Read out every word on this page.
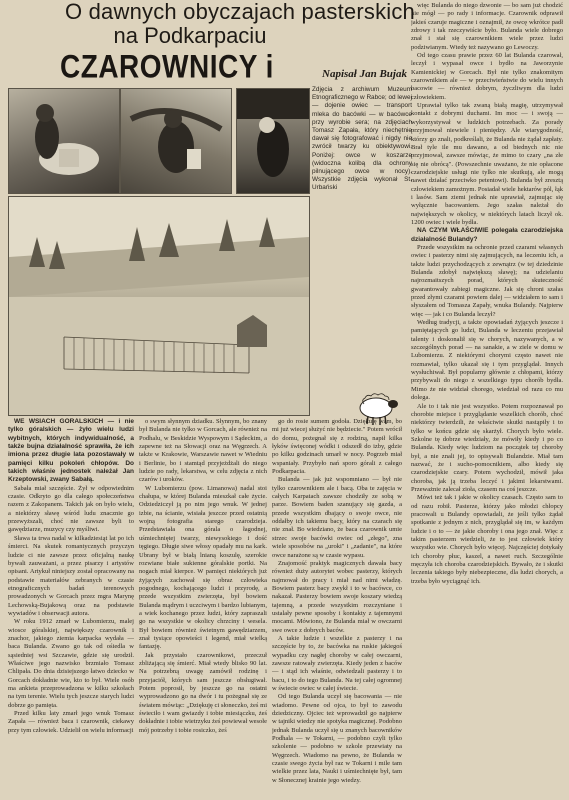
O dawnych obyczajach pasterskich
na Podkarpaciu
CZAROWNICY i	Napisał Jan Bujak
Zdjęcia z archiwum Muzeum Etnograficznego w Rabce; od lewej — dojenie owiec — transport mleka do bacówki — w bacówce przy wyrobie sera; na zdjęciach Tomasz Zapała, który niechętnie dawał się fotografować i nigdy nie zwrócił twarzy ku obiektywowi. Poniżej: owce w koszarze (widoczna kolibą dla ochrony pilnującego owce w nocy). Wszystkie zdjęcia wykonał St. Urbański

WE WSIACH GÓRALSKICH — i nie tylko góralskich — żyło wielu ludzi wybitnych, których indywidualność, a także bujna działalność sprawiła, że ich imiona przez długie lata pozostawały w pamięci kilku pokoleń chłopów. Do takich właśnie jednostek należał Jan Krzeptowski, zwany Sabałą.

Sabała miał szczęście. Żył w odpowiednim czasie. Odkryto go dla całego społeczeństwa razem z Zakopanem. Takich jak on było wielu, a niektórzy sławę wśród ludu znacznie go przewyższali, choć nie zawsze byli to gawędziarze, muzycy czy myśliwi.

Sława ta trwa nadal w kilkadziesiąt lat po ich śmierci. Na skutek romantycznych przyczyn ludzie ci nie zawsze przez oficjalną naukę bywali zauważani, a przez pisarzy i artystów opisani. Artykuł niniejszy został opracowany na podstawie materiałów zebranych w czasie etnograficznych badań terenowych prowadzonych w Gorcach przez mgra Marynę Lechowską-Bujakową oraz na podstawie wywiadów i obserwacji autora.

W roku 1912 zmarł w Lubomierzu, malej wiosce góralskiej, największy czarownik i znachor, jakiego ziemia karpacka wydała — baca Bulanda. Zwano go tak od ośiedla w sąsiedniej wsi Szczawie, gdzie się urodził. Właściwe jego nazwisko brzmiało Tomasz Chlipała. Do dnia dzisiejszego łatwo dziecko w Gorcach dokładnie wie, kto to był. Wiele osób ma ankieta przeprowadzona w kilku szkołach na tym terenie. Wielu tych jeszcze starych ludzi dobrze go pamięta.

Przed kilku laty zmarł jego wnuk Tomasz Zapała — również baca i czarownik, ciekawy przy tym człowiek. Udzielił on wielu informacji

o swym słynnym dziadku. Słynnym, bo znany był Bulanda nie tylko w Gorcach, ale również na Podhalu, w Beskidzie Wyspowym i Sądeckim, a zapewne też na Słowacji oraz na Węgrzech. A także w Krakowie, Warszawie nawet w Wiedniu i Berlinie, bo i stamtąd przyjeżdżali do niego ludzie po rady, lekarstwa, w celu zdjęcia z nich czarów i uroków.

W Lubomierzu (pow. Limanowa) nadal stoi chałupa, w której Bulanda mieszkał całe życie. Odziedziczył ją po nim jego wnuk. W jednej izbie, na ścianie, wisiała jeszcze przed ostatnią wojną fotografia starego czarodzieja. Przedstawiała ona górala o łagodnej, uśmiechniętej twarzy, niewysokiego i dość tęgiego. Długie siwe włosy opadały mu na kark. Ubrany był w białą lnianą koszulę, szerokie rozwiane białe sukienne góralskie portki. Na nogach miał kierpce. W pamięci niektórych już żyjących zachował się obraz człowieka pogodnego, kochającego ludzi i przyrodę, a przede wszystkim zwierzęta, był bowiem Bulanda mądrym i uczciwym i bardzo lubianym, a wiek kochanego przez ludzi, który zapraszali go na wszystkie w okolicy chrzciny i wesela. Był bowiem również świetnym gawędziarzem, znał tysiące opowieści i legend, miał wielką fantazję.

Jak przystało czarownikowi, przeczuł zbliżającą się śmierć. Miał wtedy blisko 90 lat. Na potrzebną uwagę zamówił rodzinę i przyjaciół, których sam jeszcze obsługiwał. Potem poprosił, by jeszcze go na ostatni wyprowadzono go na dwór i tu pożegnał się ze światem mówiąc: „Dziękuję ci słoneczko, żeś mi świeciło i wam gwiazdy i tobie miesiączku, żeś dokładnie i tobie wietrzyku żeś powiewał wesołe mój potrzeby i tobie rosiczko, żeś

go do rosie sumem godoła. Dziękuję wam, bo mi już wiecej służyć nie będziecie." Potem wrócił do domu, pożegnał się z rodziną, napił kilka łyków święconej wódki i odszedł do izby, gdzie po kilku godzinach umarł w nocy. Pogrzeb miał wspaniały. Przybyło nań sporo górali z całego Podkarpacia.

Bulanda — jak już wspomniano — był nie tylko czarownikiem ale i bacą. Oba te zajęcia w całych Karpatach zawsze chodziły ze sobą w parze. Bowiem baden szanujący się gazda, a przede wszystkim dbający o swoje owce, nie oddałby ich takiemu bacy, który na czarach się nie znał. Bo wiedziano, że baca czarownik umie strzec swoje bacówki owiec od „złego", zna wiele sposobów na „uroki" i „zadanie", na które owce narażone są w czasie wypasu.

Znajomość praktyk magicznych dawała bacy również duży autorytet wobec pasterzy, których najmował do pracy i miał nad nimi władzę. Bowiem pasterz bacy zwykł i to w bacówce, co nakazał. Pasterzy bowiem swoje koszary wiedzą tajemną, a przede wszystkim rozczyniane i ustalały pewne sposoby i kontakty z tajemnymi mocami. Mówiono, że Bulanda miał w owczarni swe owce z dobrych baców.

A takie ludzie i wszelkie z pasterzy i na szczęście by to, że bacówka na ruskie jakiegoś wypadku czy nagłej choroby w całej owczarni, zawsze ratowały zwierzęta. Kiedy jeden z baców — i stąd ich właśnie, odwiedzali pasterzy i to bacu, i to do tego Bulanda. Na tej całej ogromnej w świecie owiec w całej świecie.

Od tego Bulanda uczył się bacowania — nie wiadomo. Pewne od ojca, to był to zawodu dziedziczny. Ojciec też wprowadził go najpierw w tajniki wiedzy nie spotyka magicznej. Podobno jednak Bulanda uczył się u znanych bacowników Podhala — w Tokarni, — podobno czyli tylko szkolenie — podobno w szkole przewiaty na Węgrzech. Wiadomo na pewno, że Bulanda w czasie swego życia był raz w Tokarni i mile tam wielkie przez lata, Nauki i uśmiechnięte był, tam w Słonecznej krainie jego wiedzy.

więc Bulanda do niego dzwonie — bo sam już chodzić nie mógł — po rady i informacje. Czarownik odprawił jakieś czaruje magiczne i oznajmił, że owcę wkrótce padł zdrowy i tak rzeczywiście było. Bulanda wiele dobrego znał i stał się czarownikiem wiele przez ludzi podziwianym. Wtedy też nazywano go Lewoczy.

Od tego czasu prawie przez 60 lat Bulanda czarował, leczył i wypasał owce i bydło na Jaworzynie Kamienickiej w Gorcach. Był nie tylko znakomitym czarownikiem ale — w przeciwieństwie do wielu innych bacowie — również dobrym, życzliwym dla ludzi człowiekiem.

Uprawiał tylko tak zwaną białą magię, utrzymywał kontakt z dobrymi duchami. Im moc — i swoją — wykorzystywał w ludzkich potrzebach. Za porady przyjmował niewiele i pieniędzy. Ale wiarygodność, którzy go znali, podkreślali, że Bulanda nie żądał zapłaty. Brał tyle ile mu dawano, a od biednych nic nie przyjmował, zawsze mówiąc, że mimo to czary „na złe się nie obrócą". (Powszechnie uważano, że nie opłacone czarodziejskie usługi nie tylko nie skutkują, ale mogą nawet działać przeciwko petentowi). Bulanda był zresztą człowiekiem zamożnym. Posiadał wiele hektarów pól, łąk i lasów. Sam ziemi jednak nie uprawiał, zajmując się wyłącznie bacowaniem. Jego szałas należał do największych w okolicy, w niektórych latach liczył ok. 1200 owiec i wiele bydła.

NA CZYM WŁAŚCIWIE polegała czarodziejska działalność Bulandy?

Przede wszystkim na ochronie przed czarami własnych owiec i pasterzy nimi się zajmujących, na leczeniu ich, a także ludzi przychodzących z zewnątrz (w tej dziedzinie Bulanda zdobył największą sławę); na udzielaniu najrozmaitszych porad, których skuteczność gwarantowały zabiegi magiczne. Jak się chroni szałas przed złymi czarami powiem dalej — widziałem to sam i słyszałem od Tomasza Zapały, wnuka Bulandy. Najpierw więc — jak i co Bulanda leczył?

Według tradycji, a także opowiadań żyjących jeszcze i pamiętających go ludzi, Bulanda w leczeniu przejawiał talenty i doskonalił się w chorych, nazywanych, a w szczególnych porad — na sanakie, a w ziele w domu w Lubomierzu. Z niektórymi chorymi często nawet nie rozmawiał, tylko ukazał się i tym przyglądał. Innych wysłuchiwał. Był popularny głównie z chłopami, którzy przybywali do niego z wszelkiego typu chorób bydła. Mimo że nie widział chorego, wiedział od razu co mu dolega.

Ale to i tak nie jest wszystko. Potem rozpoznawał po chorobie miejsce i przyglądanie wszelkich chorób, choć niektórzy twierdzili, że właściwie skutki nastąpiły i to tylko w końcu gdzie się skarżył. Chorych było wiele. Szkolne tę dobrze wiedziały, że mówiły kiedy i po co Bulanda. Kiedy więc ludziom na początek tej choroby był, a nie znali jej, to opisywali Bulandzie. Miał tam nazwać, że i sucho-pomocnikiem, albo kiedy się czarodziejskie czary. Potem wychodził, mówił jaka choroba, jak ją trzeba leczyć i jakimi lekarstwami. Przeważnie zalecał zioła, czasem na coś jeszcze.

Mówi też tak i jakie w okolicy czasach. Często sam to od razu robił. Pasterze, którzy jako młodzi chłopcy pracowali u Bulandy opowiadali, że jeśli tylko żądał spotkanie z jednym z nich, przyglądał się im, w każdym ludzie i o to — że jakie choroby i ona jego znał. Więc z takim pasterzem wiedzieli, że to jest człowiek który wszystko wie. Chorych było więcej. Najczęściej dotykały ich choroby płuc, kaszel, a nawet ruch. Szczególnie męczyła ich choroba czarodziejskich. Bywało, że i skutki leczenia takiego były niebezpieczne, dla ludzi chorych, a trzeba było wyciągnąć ich.
